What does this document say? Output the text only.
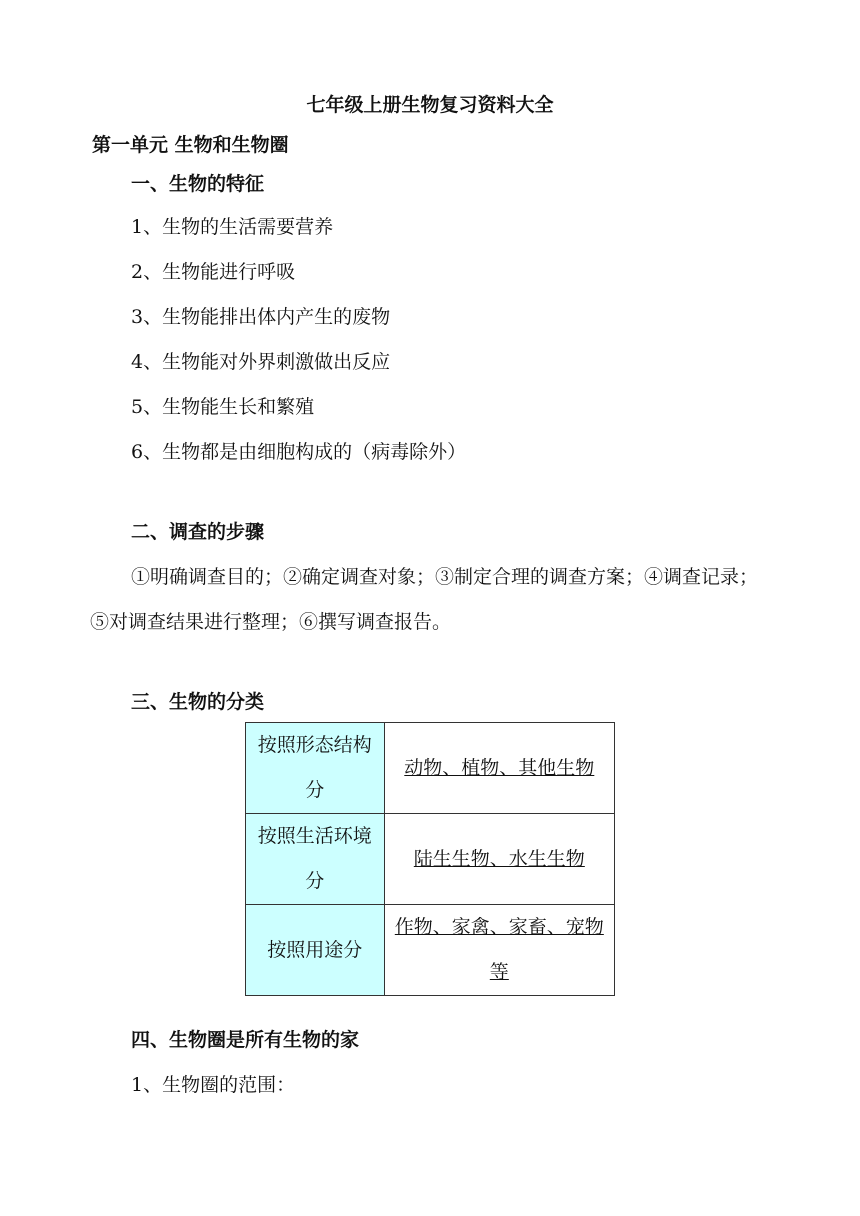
七年级上册生物复习资料大全
第一单元 生物和生物圈
一、生物的特征
1、生物的生活需要营养
2、生物能进行呼吸
3、生物能排出体内产生的废物
4、生物能对外界刺激做出反应
5、生物能生长和繁殖
6、生物都是由细胞构成的（病毒除外）
二、调查的步骤
①明确调查目的；②确定调查对象；③制定合理的调查方案；④调查记录；
⑤对调查结果进行整理；⑥撰写调查报告。
三、生物的分类
按照形态结构分	动物、植物、其他生物
按照生活环境分	陆生生物、水生生物
按照用途分	作物、家禽、家畜、宠物等
四、生物圈是所有生物的家
1、生物圈的范围：
